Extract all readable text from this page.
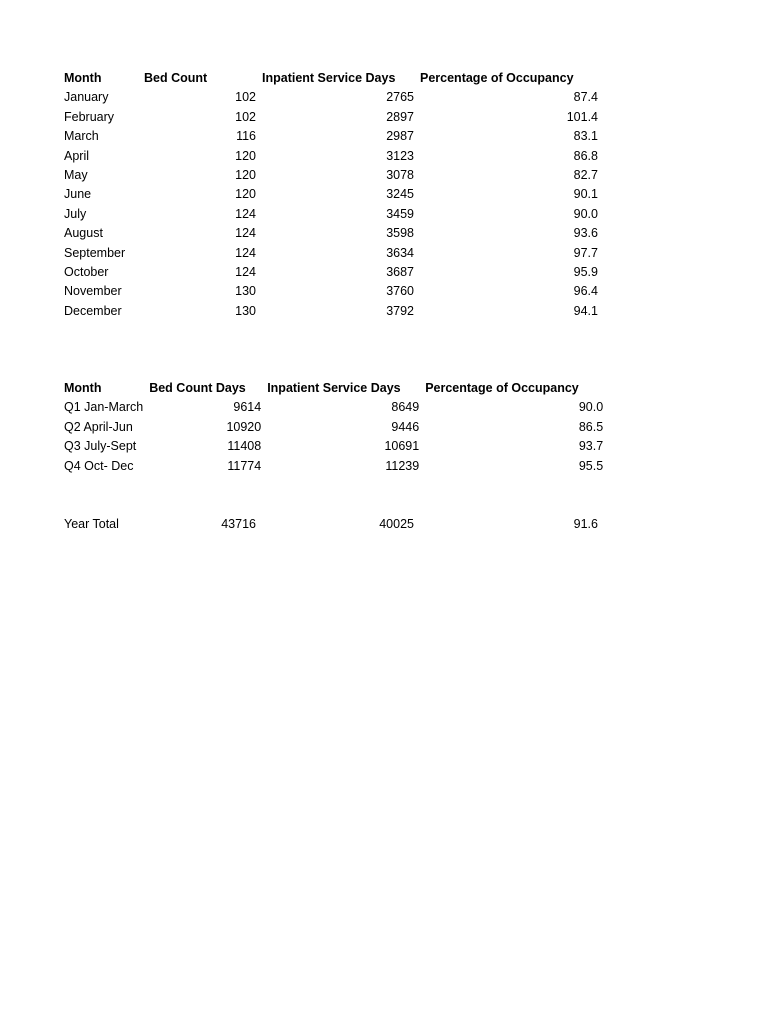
Month	Bed Count	Inpatient Service Days	Percentage of Occupancy
January	102	2765	87.4
February	102	2897	101.4
March	116	2987	83.1
April	120	3123	86.8
May	120	3078	82.7
June	120	3245	90.1
July	124	3459	90.0
August	124	3598	93.6
September	124	3634	97.7
October	124	3687	95.9
November	130	3760	96.4
December	130	3792	94.1
Month	Bed Count Days	Inpatient Service Days	Percentage of Occupancy
Q1 Jan-March	9614	8649	90.0
Q2 April-Jun	10920	9446	86.5
Q3 July-Sept	11408	10691	93.7
Q4 Oct- Dec	11774	11239	95.5
Year Total	43716	40025	91.6
